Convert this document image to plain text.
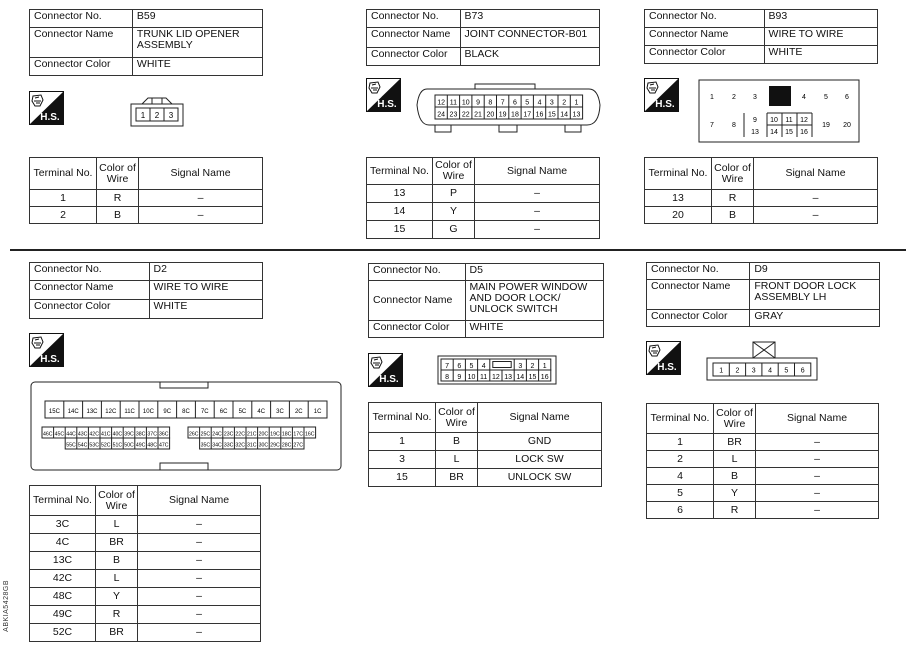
Connector No.	B59
Connector Name	TRUNK LID OPENER
ASSEMBLY

Connector Color	WHITE
1 2 3
Terminal No.	Color of
Wire	Signal Name
1	R	–
2	B	–
Connector No.	B73
Connector Name	JOINT CONNECTOR-B01
Connector Color	BLACK
12 11 10 9 8 7 6 5 4 3 2 1
24 23 22 21 20 19 18 17 16 15 14 13
Terminal No.	Color of
Wire	Signal Name
13	P	–
14	Y	–
15	G	–
Connector No.	B93
Connector Name	WIRE TO WIRE
Connector Color	WHITE
1	2 3	4	5 6
7	8
9 10 11 12
13 14 15 16
19 20
Terminal No.	Color of
Wire	Signal Name
13	R	–
20	B	–
Connector No.	D2
Connector Name	WIRE TO WIRE
Connector Color	WHITE
15C 14C 13C 12C 11C 10C 9C 8C 7C 6C 5C 4C 3C 2C 1C
46C 45C 44C 43C 42C 41C 40C 39C 38C 37C 36C	26C 25C 24C 23C 22C 21C 20C 19C 18C 17C 16C
55C 54C 53C 52C 51C 50C 49C 48C 47C	35C 34C 33C 32C 31C 30C 29C 28C 27C
Terminal No.	Color of
Wire	Signal Name
3C	L	–
4C	BR	–
13C	B	–
42C	L	–
48C	Y	–
49C	R	–
52C	BR	–
Connector No.	D5
Connector Name	MAIN POWER WINDOW
AND DOOR LOCK/
UNLOCK SWITCH

Connector Color	WHITE
7 6 5 4	3 2 1
8 9 10 11 12 13 14 15 16
Terminal No.	Color of
Wire	Signal Name
1	B	GND
3	L	LOCK SW
15	BR	UNLOCK SW
Connector No.	D9
Connector Name	FRONT DOOR LOCK
ASSEMBLY LH

Connector Color	GRAY
1 2 3 4 5 6
Terminal No.	Color of
Wire	Signal Name
1	BR	–
2	L	–
4	B	–
5	Y	–
6	R	–
ABKIA5428GB
